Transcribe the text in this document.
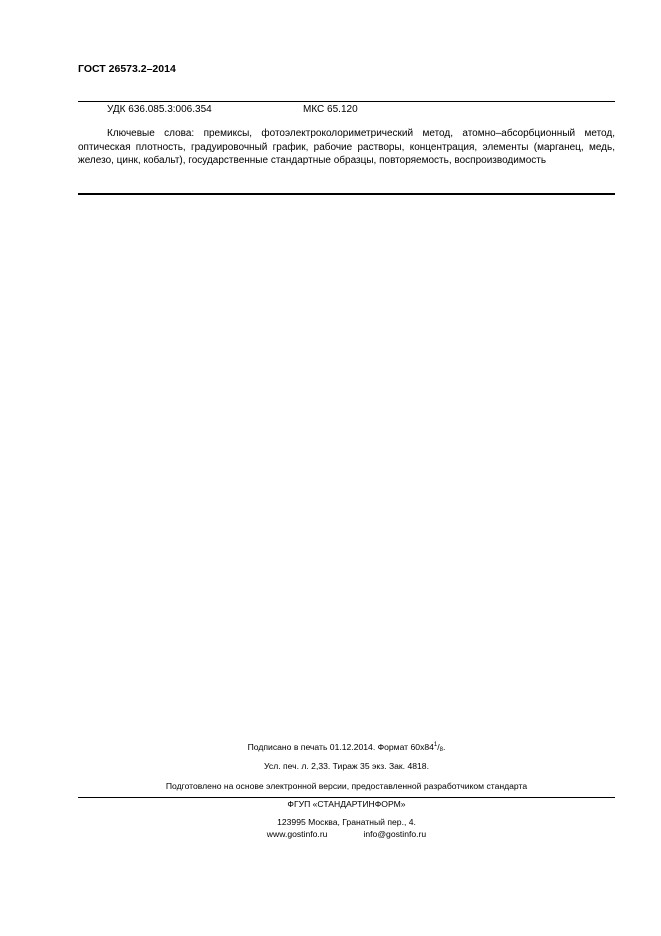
ГОСТ 26573.2–2014
УДК 636.085.3:006.354	МКС 65.120
Ключевые слова: премиксы, фотоэлектроколориметрический метод, атомно–абсорбционный метод, оптическая плотность, градуировочный график, рабочие растворы, концентрация, элементы (марганец, медь, железо, цинк, кобальт), государственные стандартные образцы, повторяемость, воспроизводимость
Подписано в печать 01.12.2014. Формат $60x84^1/_8$.
Усл. печ. л. 2,33. Тираж 35 экз. Зак. 4818.
Подготовлено на основе электронной версии, предоставленной разработчиком стандарта
ФГУП «СТАНДАРТИНФОРМ»
123995 Москва, Гранатный пер., 4.
www.gostinfo.ru	info@gostinfo.ru
